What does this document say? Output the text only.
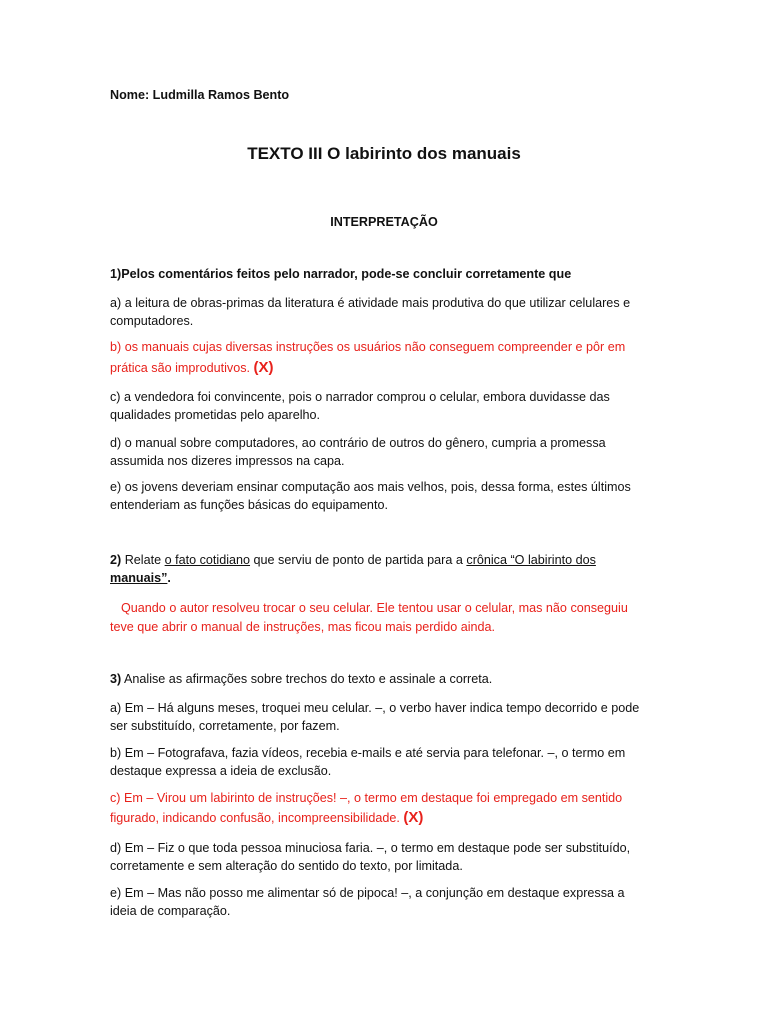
Nome: Ludmilla Ramos Bento

TEXTO III O labirinto dos manuais

INTERPRETAÇÃO

1)Pelos comentários feitos pelo narrador, pode-se concluir corretamente que

a) a leitura de obras-primas da literatura é atividade mais produtiva do que utilizar celulares e

computadores.

b) os manuais cujas diversas instruções os usuários não conseguem compreender e pôr em

prática são improdutivos. (X)

c) a vendedora foi convincente, pois o narrador comprou o celular, embora duvidasse das

qualidades prometidas pelo aparelho.

d) o manual sobre computadores, ao contrário de outros do gênero, cumpria a promessa

assumida nos dizeres impressos na capa.

e) os jovens deveriam ensinar computação aos mais velhos, pois, dessa forma, estes últimos

entenderiam as funções básicas do equipamento.

2) Relate o fato cotidiano que serviu de ponto de partida para a crônica “O labirinto dos

manuais”.

Quando o autor resolveu trocar o seu celular. Ele tentou usar o celular, mas não conseguiu

teve que abrir o manual de instruções, mas ficou mais perdido ainda.

3) Analise as afirmações sobre trechos do texto e assinale a correta.

a) Em – Há alguns meses, troquei meu celular. –, o verbo haver indica tempo decorrido e pode

ser substituído, corretamente, por fazem.

b) Em – Fotografava, fazia vídeos, recebia e-mails e até servia para telefonar. –, o termo em

destaque expressa a ideia de exclusão.

c) Em – Virou um labirinto de instruções! –, o termo em destaque foi empregado em sentido

figurado, indicando confusão, incompreensibilidade. (X)

d) Em – Fiz o que toda pessoa minuciosa faria. –, o termo em destaque pode ser substituído,

corretamente e sem alteração do sentido do texto, por limitada.

e) Em – Mas não posso me alimentar só de pipoca! –, a conjunção em destaque expressa a

ideia de comparação.
